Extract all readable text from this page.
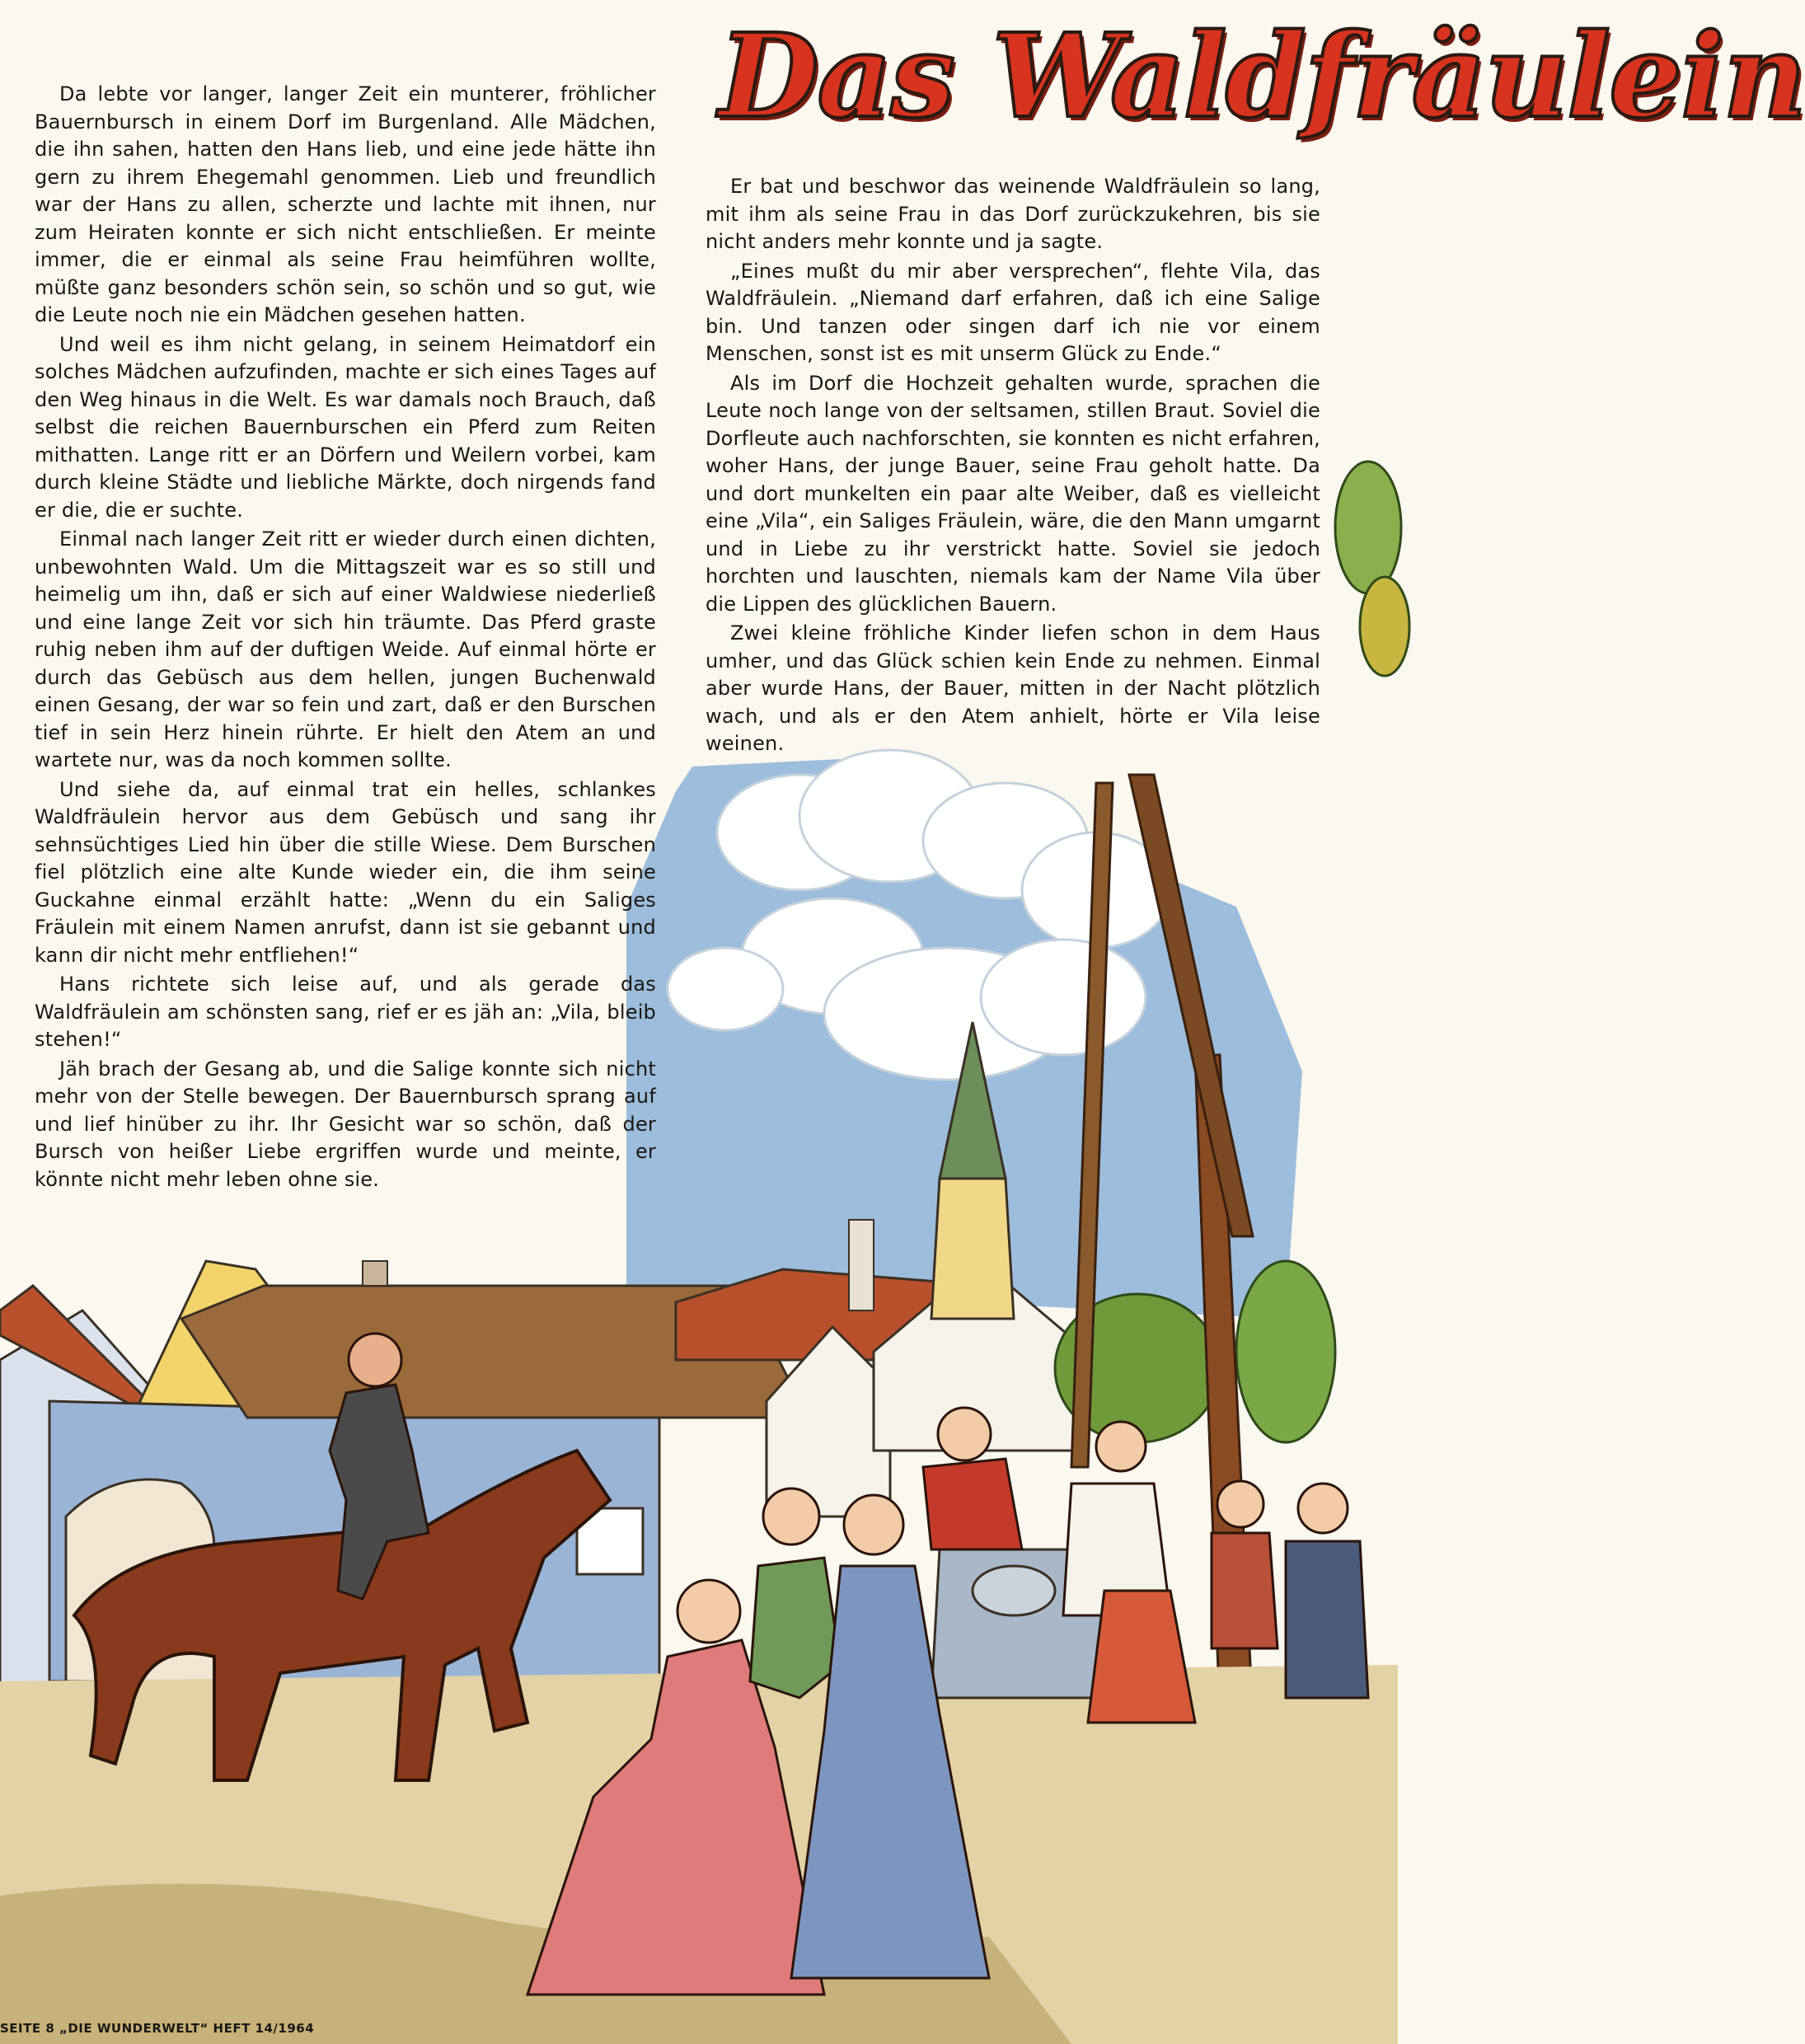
Das Waldfräulein

Da lebte vor langer, langer Zeit ein munterer, fröhlicher Bauernbursch in einem Dorf im Burgenland. Alle Mädchen, die ihn sahen, hatten den Hans lieb, und eine jede hätte ihn gern zu ihrem Ehegemahl genommen. Lieb und freundlich war der Hans zu allen, scherzte und lachte mit ihnen, nur zum Heiraten konnte er sich nicht entschließen. Er meinte immer, die er einmal als seine Frau heimführen wollte, müßte ganz besonders schön sein, so schön und so gut, wie die Leute noch nie ein Mädchen gesehen hatten.

Und weil es ihm nicht gelang, in seinem Heimatdorf ein solches Mädchen aufzufinden, machte er sich eines Tages auf den Weg hinaus in die Welt. Es war damals noch Brauch, daß selbst die reichen Bauernburschen ein Pferd zum Reiten mithatten. Lange ritt er an Dörfern und Weilern vorbei, kam durch kleine Städte und liebliche Märkte, doch nirgends fand er die, die er suchte.

Einmal nach langer Zeit ritt er wieder durch einen dichten, unbewohnten Wald. Um die Mittagszeit war es so still und heimelig um ihn, daß er sich auf einer Waldwiese niederließ und eine lange Zeit vor sich hin träumte. Das Pferd graste ruhig neben ihm auf der duftigen Weide. Auf einmal hörte er durch das Gebüsch aus dem hellen, jungen Buchenwald einen Gesang, der war so fein und zart, daß er den Burschen tief in sein Herz hinein rührte. Er hielt den Atem an und wartete nur, was da noch kommen sollte.

Und siehe da, auf einmal trat ein helles, schlankes Waldfräulein hervor aus dem Gebüsch und sang ihr sehnsüchtiges Lied hin über die stille Wiese. Dem Burschen fiel plötzlich eine alte Kunde wieder ein, die ihm seine Guckahne einmal erzählt hatte: „Wenn du ein Saliges Fräulein mit einem Namen anrufst, dann ist sie gebannt und kann dir nicht mehr entfliehen!“

Hans richtete sich leise auf, und als gerade das Waldfräulein am schönsten sang, rief er es jäh an: „Vila, bleib stehen!“

Jäh brach der Gesang ab, und die Salige konnte sich nicht mehr von der Stelle bewegen. Der Bauernbursch sprang auf und lief hinüber zu ihr. Ihr Gesicht war so schön, daß der Bursch von heißer Liebe ergriffen wurde und meinte, er könnte nicht mehr leben ohne sie.

Er bat und beschwor das weinende Waldfräulein so lang, mit ihm als seine Frau in das Dorf zurückzukehren, bis sie nicht anders mehr konnte und ja sagte.

„Eines mußt du mir aber versprechen“, flehte Vila, das Waldfräulein. „Niemand darf erfahren, daß ich eine Salige bin. Und tanzen oder singen darf ich nie vor einem Menschen, sonst ist es mit unserm Glück zu Ende.“

Als im Dorf die Hochzeit gehalten wurde, sprachen die Leute noch lange von der seltsamen, stillen Braut. Soviel die Dorfleute auch nachforschten, sie konnten es nicht erfahren, woher Hans, der junge Bauer, seine Frau geholt hatte. Da und dort munkelten ein paar alte Weiber, daß es vielleicht eine „Vila“, ein Saliges Fräulein, wäre, die den Mann umgarnt und in Liebe zu ihr verstrickt hatte. Soviel sie jedoch horchten und lauschten, niemals kam der Name Vila über die Lippen des glücklichen Bauern.

Zwei kleine fröhliche Kinder liefen schon in dem Haus umher, und das Glück schien kein Ende zu nehmen. Einmal aber wurde Hans, der Bauer, mitten in der Nacht plötzlich wach, und als er den Atem anhielt, hörte er Vila leise weinen.

SEITE 8 „DIE WUNDERWELT“ HEFT 14/1964
